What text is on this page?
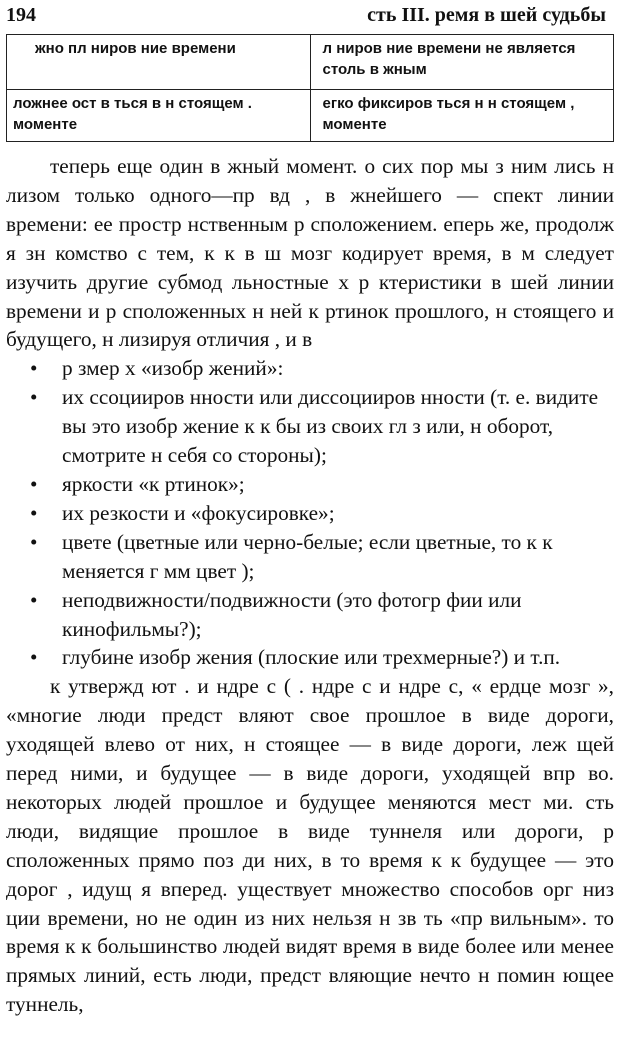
194	сть III. ремя в шей судьбы
жно пл ниров ние времени	л ниров ние времени не является столь в жным
ложнее ост в ться в н стоящем . моменте	егко фиксиров ться н н стоящем , моменте

теперь еще один в жный момент. о сих пор мы з ним лись н лизом только одного—пр вд , в жнейшего — спект линии времени: ее простр нственным р сположением. еперь же, продолж я зн комство с тем, к к в ш мозг кодирует время, в м следует изучить другие субмод льностные х р ктеристики в шей линии времени и р сположенных н ней к ртинок прошлого, н стоящего и будущего, н лизируя отличия , и в

• р змер х «изобр жений»:
• их ссоцииров нности или диссоцииров нности (т. е. видите вы это изобр жение к к бы из своих гл з или, н оборот, смотрите н себя со стороны);
• яркости «к ртинок»;
• их резкости и «фокусировке»;
• цвете (цветные или черно-белые; если цветные, то к к меняется г мм цвет );
• неподвижности/подвижности (это фотогр фии или кинофильмы?);
• глубине изобр жения (плоские или трехмерные?) и т.п.

к утвержд ют . и ндре с ( . ндре с и ндре с, « ердце мозг », «многие люди предст вляют свое прошлое в виде дороги, уходящей влево от них, н стоящее — в виде дороги, леж щей перед ними, и будущее — в виде дороги, уходящей впр во. некоторых людей прошлое и будущее меняются мест ми. сть люди, видящие прошлое в виде туннеля или дороги, р сположенных прямо поз ди них, в то время к к будущее — это дорог , идущ я вперед. уществует множество способов орг низ ции времени, но не один из них нельзя н зв ть «пр вильным». то время к к большинство людей видят время в виде более или менее прямых линий, есть люди, предст вляющие нечто н помин ющее туннель,
